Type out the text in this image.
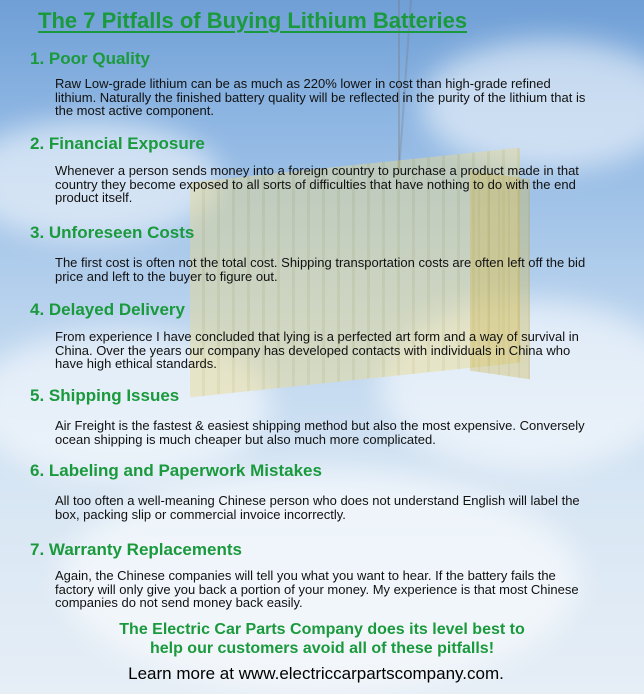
The 7 Pitfalls of Buying Lithium Batteries
1. Poor Quality

Raw Low-grade lithium can be as much as 220% lower in cost than high-grade refined lithium. Naturally the finished battery quality will be reflected in the purity of the lithium that is the most active component.

2. Financial Exposure

Whenever a person sends money into a foreign country to purchase a product made in that country they become exposed to all sorts of difficulties that have nothing to do with the end product itself.

3. Unforeseen Costs

The first cost is often not the total cost. Shipping transportation costs are often left off the bid price and left to the buyer to figure out.

4. Delayed Delivery

From experience I have concluded that lying is a perfected art form and a way of survival in China. Over the years our company has developed contacts with individuals in China who have high ethical standards.

5. Shipping Issues

Air Freight is the fastest & easiest shipping method but also the most expensive. Conversely ocean shipping is much cheaper but also much more complicated.

6. Labeling and Paperwork Mistakes

All too often a well-meaning Chinese person who does not understand English will label the box, packing slip or commercial invoice incorrectly.

7. Warranty Replacements

Again, the Chinese companies will tell you what you want to hear. If the battery fails the factory will only give you back a portion of your money. My experience is that most Chinese companies do not send money back easily.

The Electric Car Parts Company does its level best to
help our customers avoid all of these pitfalls!
Learn more at www.electriccarpartscompany.com.
